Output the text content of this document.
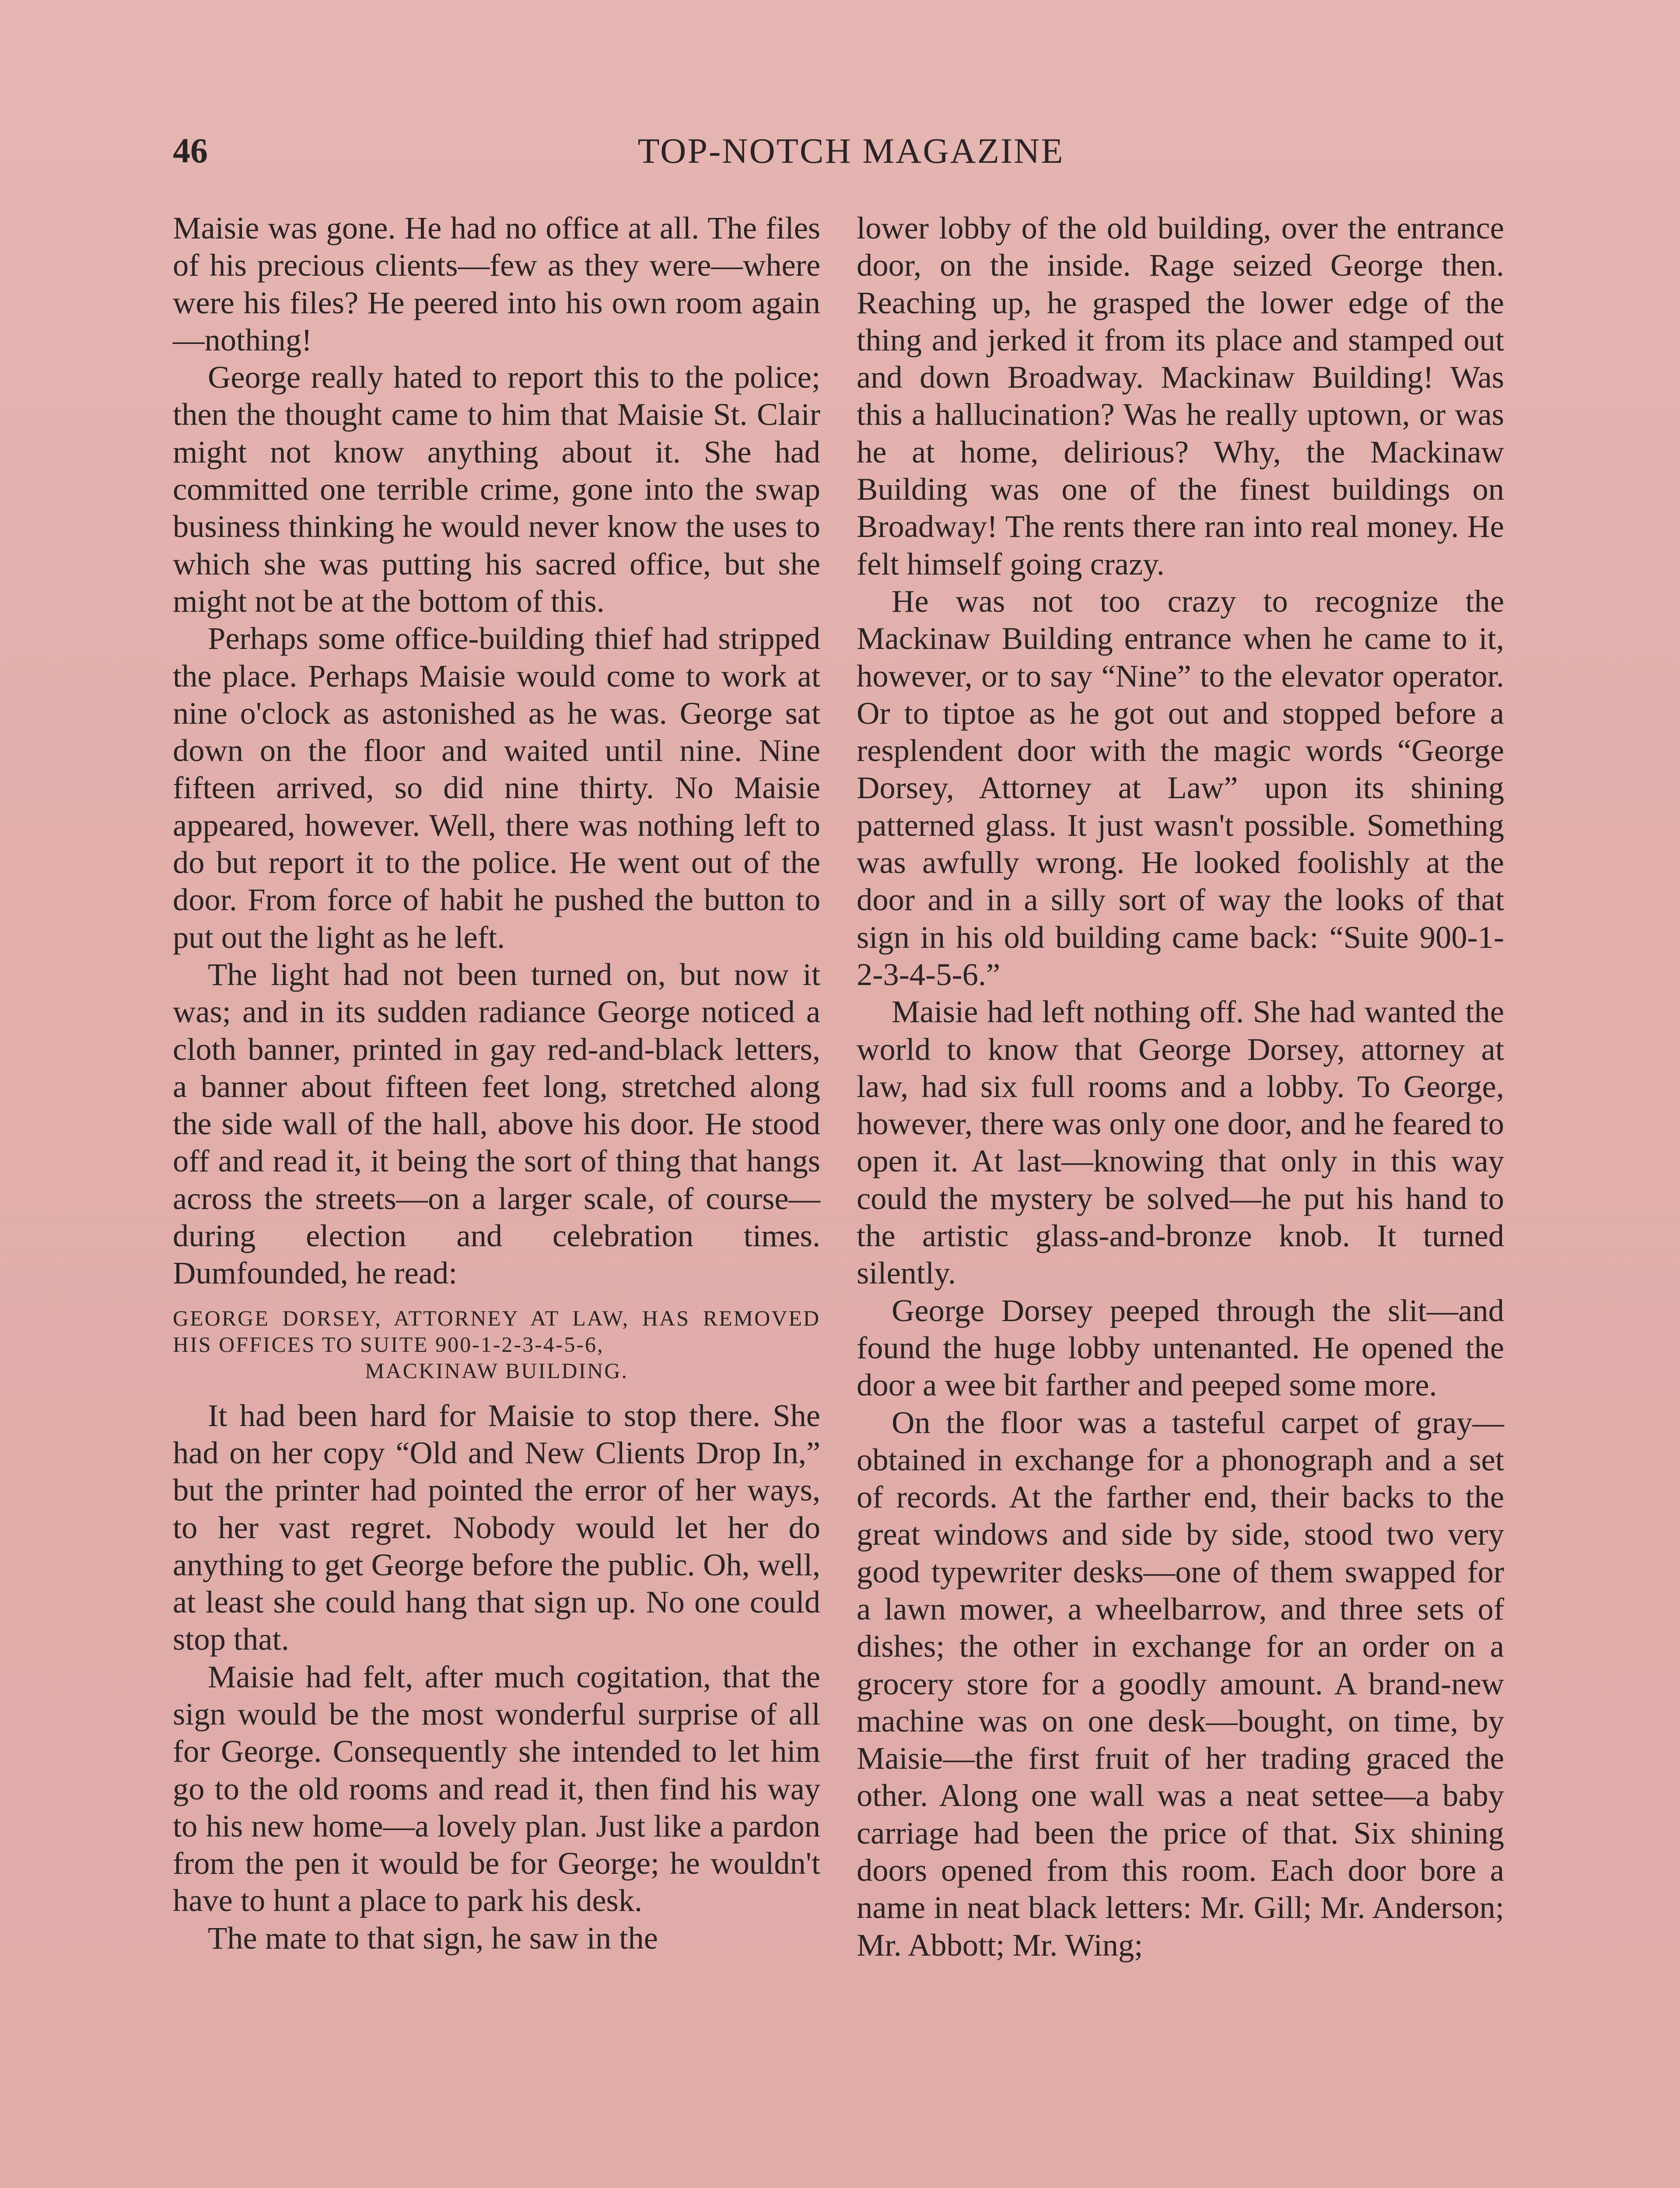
46	TOP-NOTCH MAGAZINE

Maisie was gone. He had no office at all. The files of his precious clients—few as they were—where were his files? He peered into his own room again—nothing!

George really hated to report this to the police; then the thought came to him that Maisie St. Clair might not know anything about it. She had committed one terrible crime, gone into the swap business thinking he would never know the uses to which she was putting his sacred office, but she might not be at the bottom of this.

Perhaps some office-building thief had stripped the place. Perhaps Maisie would come to work at nine o'clock as astonished as he was. George sat down on the floor and waited until nine. Nine fifteen arrived, so did nine thirty. No Maisie appeared, however. Well, there was nothing left to do but report it to the police. He went out of the door. From force of habit he pushed the button to put out the light as he left.

The light had not been turned on, but now it was; and in its sudden radiance George noticed a cloth banner, printed in gay red-and-black letters, a banner about fifteen feet long, stretched along the side wall of the hall, above his door. He stood off and read it, it being the sort of thing that hangs across the streets—on a larger scale, of course—during election and celebration times. Dumfounded, he read:

GEORGE DORSEY, ATTORNEY AT LAW, HAS REMOVED HIS OFFICES TO SUITE 900-1-2-3-4-5-6,
MACKINAW BUILDING.

It had been hard for Maisie to stop there. She had on her copy “Old and New Clients Drop In,” but the printer had pointed the error of her ways, to her vast regret. Nobody would let her do anything to get George before the public. Oh, well, at least she could hang that sign up. No one could stop that.

Maisie had felt, after much cogitation, that the sign would be the most wonderful surprise of all for George. Consequently she intended to let him go to the old rooms and read it, then find his way to his new home—a lovely plan. Just like a pardon from the pen it would be for George; he wouldn't have to hunt a place to park his desk.

The mate to that sign, he saw in the

lower lobby of the old building, over the entrance door, on the inside. Rage seized George then. Reaching up, he grasped the lower edge of the thing and jerked it from its place and stamped out and down Broadway. Mackinaw Building! Was this a hallucination? Was he really uptown, or was he at home, delirious? Why, the Mackinaw Building was one of the finest buildings on Broadway! The rents there ran into real money. He felt himself going crazy.

He was not too crazy to recognize the Mackinaw Building entrance when he came to it, however, or to say “Nine” to the elevator operator. Or to tiptoe as he got out and stopped before a resplendent door with the magic words “George Dorsey, Attorney at Law” upon its shining patterned glass. It just wasn't possible. Something was awfully wrong. He looked foolishly at the door and in a silly sort of way the looks of that sign in his old building came back: “Suite 900-1-2-3-4-5-6.”

Maisie had left nothing off. She had wanted the world to know that George Dorsey, attorney at law, had six full rooms and a lobby. To George, however, there was only one door, and he feared to open it. At last—knowing that only in this way could the mystery be solved—he put his hand to the artistic glass-and-bronze knob. It turned silently.

George Dorsey peeped through the slit—and found the huge lobby untenanted. He opened the door a wee bit farther and peeped some more.

On the floor was a tasteful carpet of gray—obtained in exchange for a phonograph and a set of records. At the farther end, their backs to the great windows and side by side, stood two very good typewriter desks—one of them swapped for a lawn mower, a wheelbarrow, and three sets of dishes; the other in exchange for an order on a grocery store for a goodly amount. A brand-new machine was on one desk—bought, on time, by Maisie—the first fruit of her trading graced the other. Along one wall was a neat settee—a baby carriage had been the price of that. Six shining doors opened from this room. Each door bore a name in neat black letters: Mr. Gill; Mr. Anderson; Mr. Abbott; Mr. Wing;
